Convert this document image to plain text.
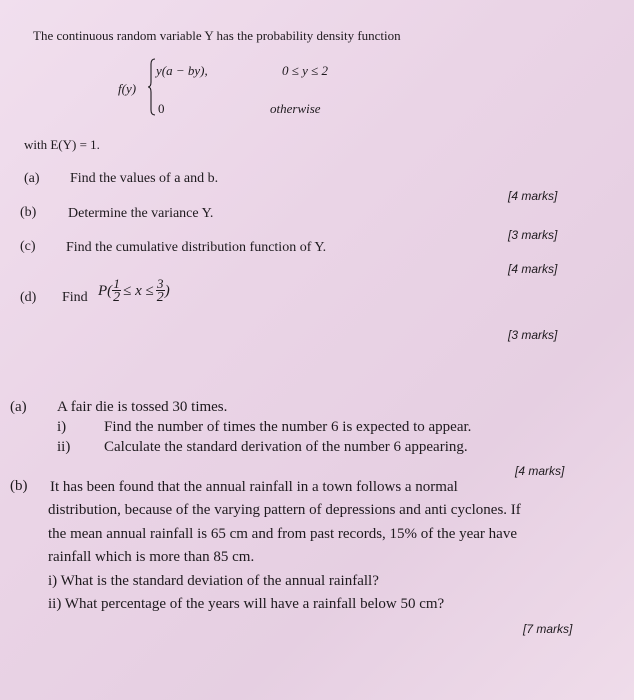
The continuous random variable Y has the probability density function
f(y)
y(a − by),	0 ≤ y ≤ 2
0	otherwise
with E(Y) = 1.
(a) Find the values of a and b.
[4 marks]
(b) Determine the variance Y.
[3 marks]
(c) Find the cumulative distribution function of Y.
[4 marks]
(d) Find $P( \frac{1}{2} \le x \le \frac{3}{2}$ )
[3 marks]
(a) A fair die is tossed 30 times.
i)	Find the number of times the number 6 is expected to appear.
ii) Calculate the standard derivation of the number 6 appearing.
[4 marks]
(b) It has been found that the annual rainfall in a town follows a normal
distribution, because of the varying pattern of depressions and anti cyclones. If
the mean annual rainfall is 65 cm and from past records, 15% of the year have
rainfall which is more than 85 cm.
i) What is the standard deviation of the annual rainfall?
ii) What percentage of the years will have a rainfall below 50 cm?
[7 marks]
